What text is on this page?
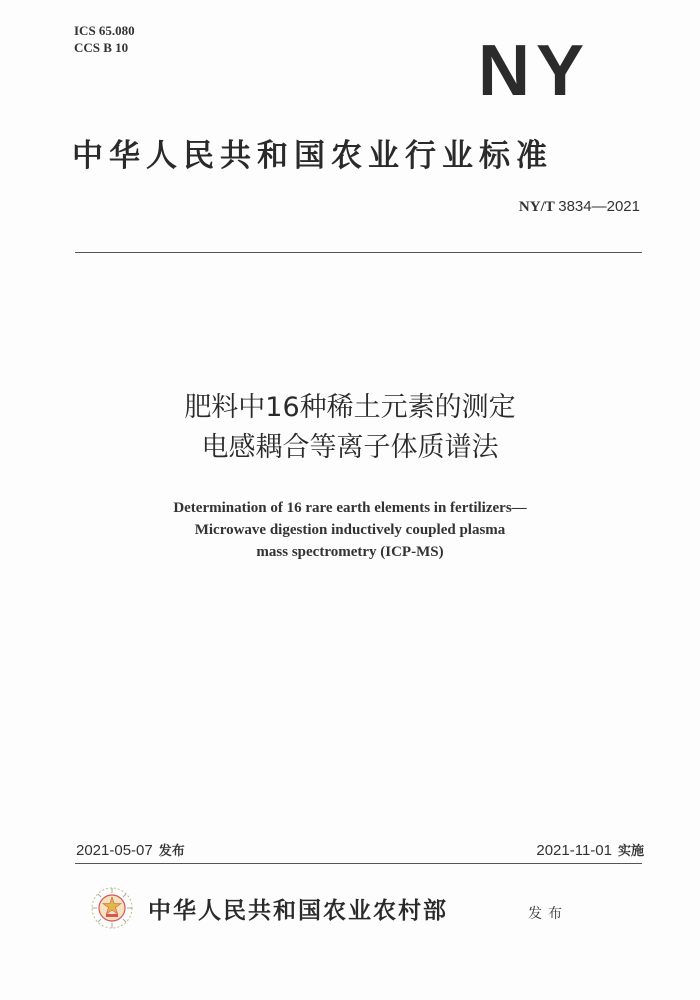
ICS 65.080
CCS B 10	NY
中华人民共和国农业行业标准
NY/T 3834—2021
肥料中16种稀土元素的测定
电感耦合等离子体质谱法
Determination of 16 rare earth elements in fertilizers—
Microwave digestion inductively coupled plasma
mass spectrometry (ICP-MS)
2021-05-07 发布	2021-11-01 实施
中华人民共和国农业农村部	发布
